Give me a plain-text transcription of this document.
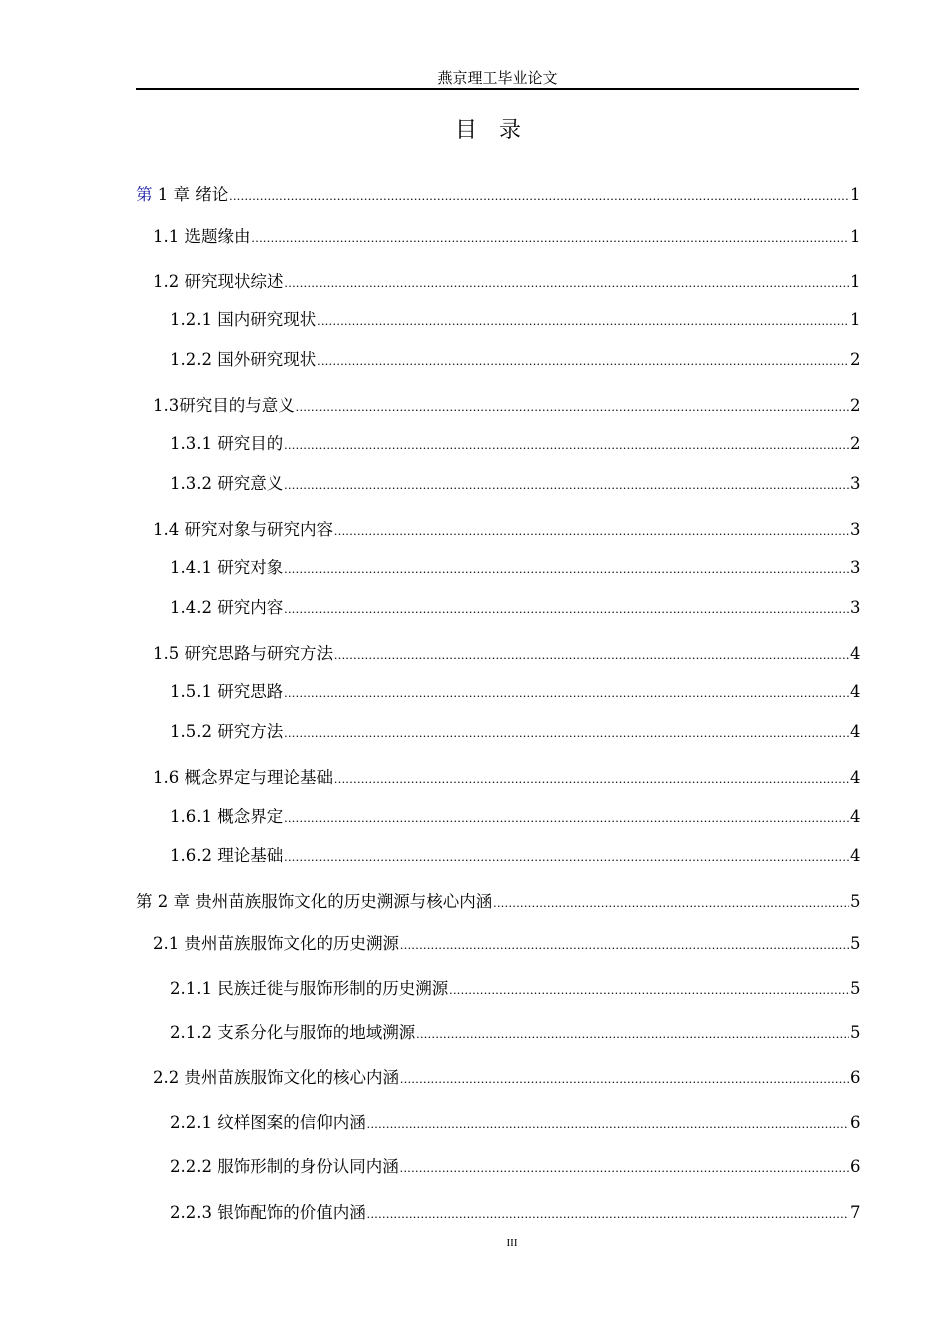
燕京理工毕业论文
目录
第 1 章 绪论 .....	1
1.1 选题缘由 .....	1
1.2 研究现状综述 .....	1
1.2.1 国内研究现状 .....	1
1.2.2 国外研究现状 .....	2
1.3 研究目的与意义 .....	2
1.3.1 研究目的 .....	2
1.3.2 研究意义 .....	3
1.4 研究对象与研究内容 .....	3
1.4.1 研究对象 .....	3
1.4.2 研究内容 .....	3
1.5 研究思路与研究方法 .....	4
1.5.1 研究思路 .....	4
1.5.2 研究方法 .....	4
1.6 概念界定与理论基础 .....	4
1.6.1 概念界定 .....	4
1.6.2 理论基础 .....	4
第 2 章 贵州苗族服饰文化的历史溯源与核心内涵 .....	5
2.1 贵州苗族服饰文化的历史溯源 .....	5
2.1.1 民族迁徙与服饰形制的历史溯源 .....	5
2.1.2 支系分化与服饰的地域溯源 .....	5
2.2 贵州苗族服饰文化的核心内涵 .....	6
2.2.1 纹样图案的信仰内涵 .....	6
2.2.2 服饰形制的身份认同内涵 .....	6
2.2.3 银饰配饰的价值内涵 .....	7
III
